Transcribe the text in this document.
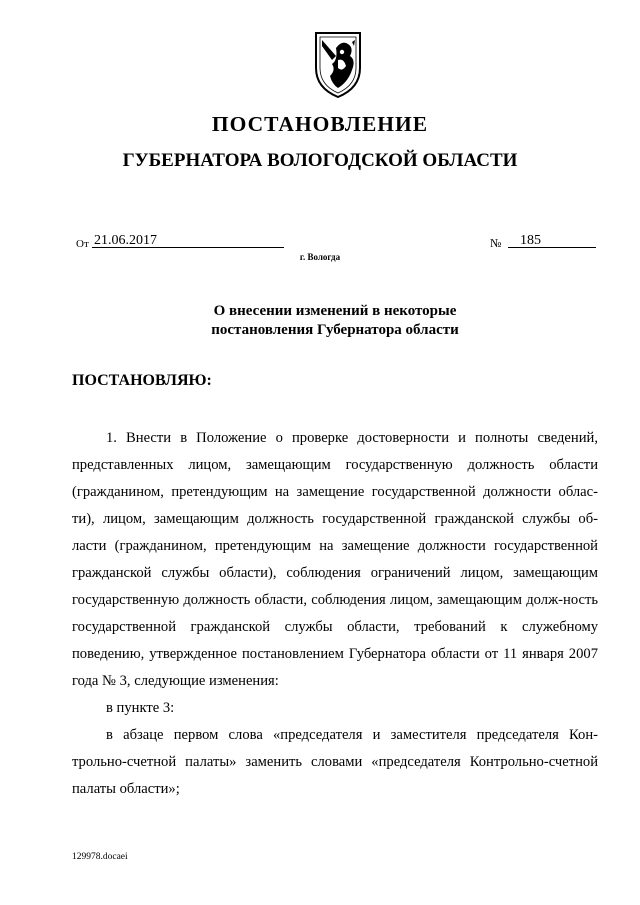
ПОСТАНОВЛЕНИЕ
ГУБЕРНАТОРА ВОЛОГОДСКОЙ ОБЛАСТИ
От 21.06.2017	№ 185
г. Вологда
О внесении изменений в некоторые
постановления Губернатора области
ПОСТАНОВЛЯЮ:

1. Внести в Положение о проверке достоверности и полноты сведений, представленных лицом, замещающим государственную должность области (гражданином, претендующим на замещение государственной должности облас-ти), лицом, замещающим должность государственной гражданской службы об-ласти (гражданином, претендующим на замещение должности государственной гражданской службы области), соблюдения ограничений лицом, замещающим государственную должность области, соблюдения лицом, замещающим долж-ность государственной гражданской службы области, требований к служебному поведению, утвержденное постановлением Губернатора области от 11 января 2007 года № 3, следующие изменения:

в пункте 3:

в абзаце первом слова «председателя и заместителя председателя Кон-трольно-счетной палаты» заменить словами «председателя Контрольно-счетной палаты области»;

129978.docaei
